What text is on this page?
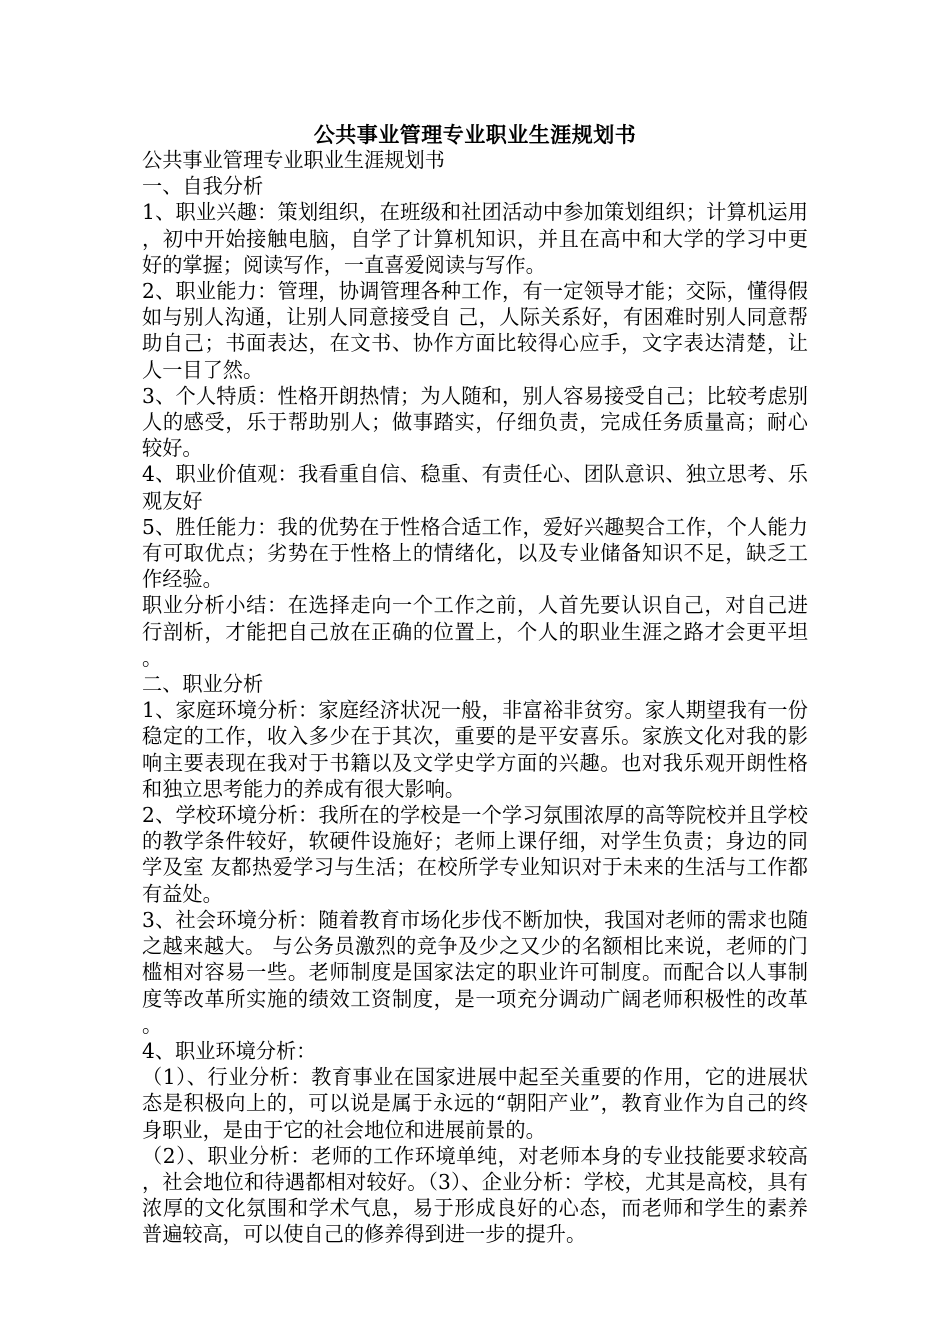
公共事业管理专业职业生涯规划书

公共事业管理专业职业生涯规划书

一、自我分析

1、职业兴趣：策划组织，在班级和社团活动中参加策划组织；计算机运用，初中开始接触电脑，自学了计算机知识，并且在高中和大学的学习中更好的掌握；阅读写作，一直喜爱阅读与写作。

2、职业能力：管理，协调管理各种工作，有一定领导才能；交际，懂得假如与别人沟通，让别人同意接受自 己，人际关系好，有困难时别人同意帮助自己；书面表达，在文书、协作方面比较得心应手，文字表达清楚，让人一目了然。

3、个人特质：性格开朗热情；为人随和，别人容易接受自己；比较考虑别人的感受，乐于帮助别人；做事踏实，仔细负责，完成任务质量高；耐心较好。

4、职业价值观：我看重自信、稳重、有责任心、团队意识、独立思考、乐观友好

5、胜任能力：我的优势在于性格合适工作，爱好兴趣契合工作，个人能力有可取优点；劣势在于性格上的情绪化，以及专业储备知识不足，缺乏工作经验。

职业分析小结：在选择走向一个工作之前，人首先要认识自己，对自己进行剖析，才能把自己放在正确的位置上，个人的职业生涯之路才会更平坦。

二、职业分析

1、家庭环境分析：家庭经济状况一般，非富裕非贫穷。家人期望我有一份稳定的工作，收入多少在于其次，重要的是平安喜乐。家族文化对我的影响主要表现在我对于书籍以及文学史学方面的兴趣。也对我乐观开朗性格和独立思考能力的养成有很大影响。

2、学校环境分析：我所在的学校是一个学习氛围浓厚的高等院校并且学校的教学条件较好，软硬件设施好；老师上课仔细，对学生负责；身边的同学及室 友都热爱学习与生活；在校所学专业知识对于未来的生活与工作都有益处。

3、社会环境分析：随着教育市场化步伐不断加快，我国对老师的需求也随之越来越大。 与公务员激烈的竞争及少之又少的名额相比来说，老师的门槛相对容易一些。老师制度是国家法定的职业许可制度。而配合以人事制度等改革所实施的绩效工资制度，是一项充分调动广阔老师积极性的改革。

4、职业环境分析：

（1）、行业分析：教育事业在国家进展中起至关重要的作用，它的进展状态是积极向上的，可以说是属于永远的“朝阳产业”，教育业作为自己的终身职业，是由于它的社会地位和进展前景的。

（2）、职业分析：老师的工作环境单纯，对老师本身的专业技能要求较高，社会地位和待遇都相对较好。（3）、企业分析：学校，尤其是高校，具有浓厚的文化氛围和学术气息，易于形成良好的心态，而老师和学生的素养普遍较高，可以使自己的修养得到进一步的提升。
